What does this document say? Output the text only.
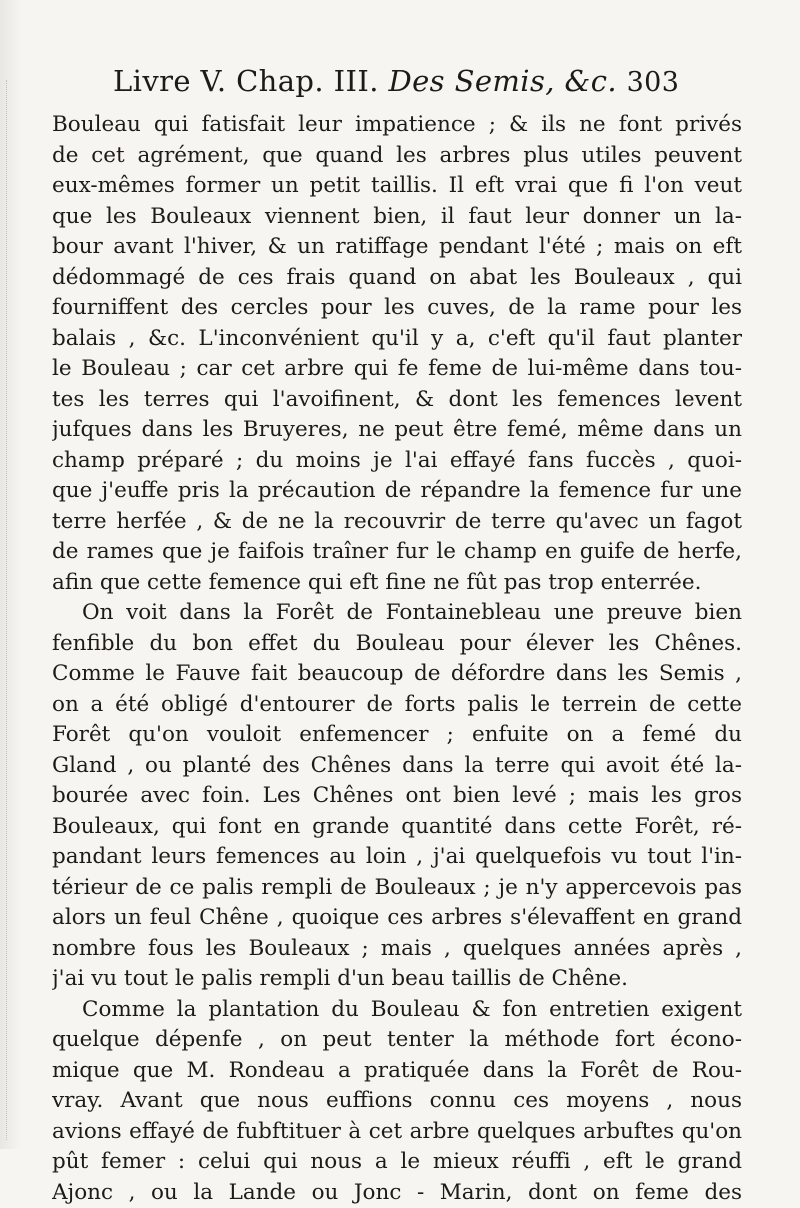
Livre V. Chap. III. Des Semis, &c. 303
Bouleau qui fatisfait leur impatience ; & ils ne font privés
de cet agrément, que quand les arbres plus utiles peuvent
eux-mêmes former un petit taillis. Il eft vrai que fi l'on veut
que les Bouleaux viennent bien, il faut leur donner un la-
bour avant l'hiver, & un ratiffage pendant l'été ; mais on eft
dédommagé de ces frais quand on abat les Bouleaux , qui
fourniffent des cercles pour les cuves, de la rame pour les
balais , &c. L'inconvénient qu'il y a, c'eft qu'il faut planter
le Bouleau ; car cet arbre qui fe feme de lui-même dans tou-
tes les terres qui l'avoifinent, & dont les femences levent
jufques dans les Bruyeres, ne peut être femé, même dans un
champ préparé ; du moins je l'ai effayé fans fuccès , quoi-
que j'euffe pris la précaution de répandre la femence fur une
terre herfée , & de ne la recouvrir de terre qu'avec un fagot
de rames que je faifois traîner fur le champ en guife de herfe,
afin que cette femence qui eft fine ne fût pas trop enterrée.
On voit dans la Forêt de Fontainebleau une preuve bien
fenfible du bon effet du Bouleau pour élever les Chênes.
Comme le Fauve fait beaucoup de défordre dans les Semis ,
on a été obligé d'entourer de forts palis le terrein de cette
Forêt qu'on vouloit enfemencer ; enfuite on a femé du
Gland , ou planté des Chênes dans la terre qui avoit été la-
bourée avec foin. Les Chênes ont bien levé ; mais les gros
Bouleaux, qui font en grande quantité dans cette Forêt, ré-
pandant leurs femences au loin , j'ai quelquefois vu tout l'in-
térieur de ce palis rempli de Bouleaux ; je n'y appercevois pas
alors un feul Chêne , quoique ces arbres s'élevaffent en grand
nombre fous les Bouleaux ; mais , quelques années après ,
j'ai vu tout le palis rempli d'un beau taillis de Chêne.
Comme la plantation du Bouleau & fon entretien exigent
quelque dépenfe , on peut tenter la méthode fort écono-
mique que M. Rondeau a pratiquée dans la Forêt de Rou-
vray. Avant que nous euffions connu ces moyens , nous
avions effayé de fubftituer à cet arbre quelques arbuftes qu'on
pût femer : celui qui nous a le mieux réuffi , eft le grand
Ajonc , ou la Lande ou Jonc - Marin, dont on feme des
